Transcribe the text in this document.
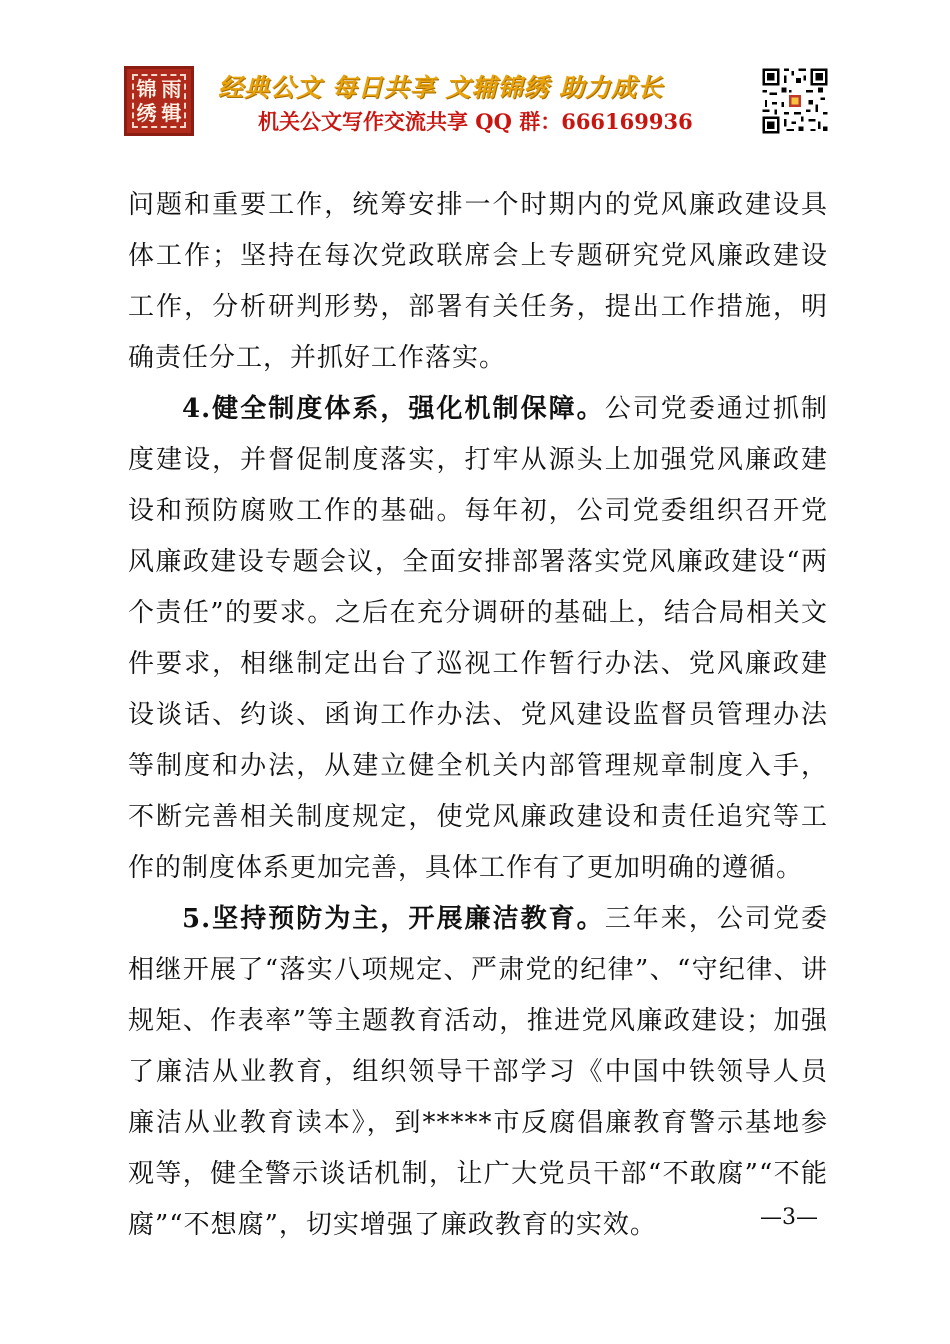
锦 雨
绣 辑
经典公文 每日共享 文辅锦绣 助力成长
机关公文写作交流共享 QQ 群：666169936

问题和重要工作，统筹安排一个时期内的党风廉政建设具体工作；坚持在每次党政联席会上专题研究党风廉政建设工作，分析研判形势，部署有关任务，提出工作措施，明确责任分工，并抓好工作落实。

4.健全制度体系，强化机制保障。公司党委通过抓制度建设，并督促制度落实，打牢从源头上加强党风廉政建设和预防腐败工作的基础。每年初，公司党委组织召开党风廉政建设专题会议，全面安排部署落实党风廉政建设“两个责任”的要求。之后在充分调研的基础上，结合局相关文件要求，相继制定出台了巡视工作暂行办法、党风廉政建设谈话、约谈、函询工作办法、党风建设监督员管理办法等制度和办法，从建立健全机关内部管理规章制度入手，不断完善相关制度规定，使党风廉政建设和责任追究等工作的制度体系更加完善，具体工作有了更加明确的遵循。

5.坚持预防为主，开展廉洁教育。三年来，公司党委相继开展了“落实八项规定、严肃党的纪律”、“守纪律、讲规矩、作表率”等主题教育活动，推进党风廉政建设；加强了廉洁从业教育，组织领导干部学习《中国中铁领导人员廉洁从业教育读本》，到*****市反腐倡廉教育警示基地参观等，健全警示谈话机制，让广大党员干部“不敢腐”“不能腐”“不想腐”，切实增强了廉政教育的实效。	—3—
